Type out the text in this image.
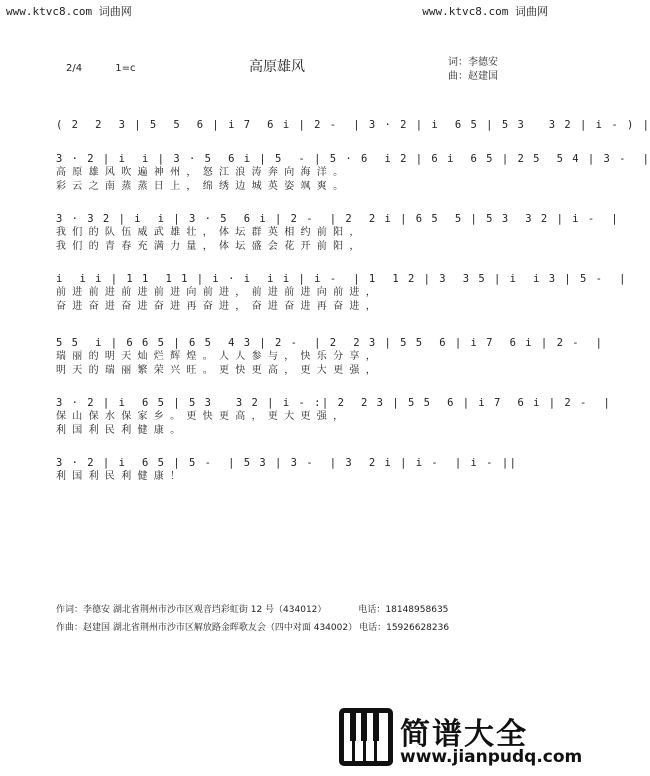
www.ktvc8.com 词曲网	www.ktvc8.com 词曲网
高原雄风
2/4	1=c
词：李德安
曲：赵建国
( 2  2  3 | 5  5  6 | i 7  6 i | 2 -  | 3 · 2 | i  6 5 | 5 3   3 2 | i - ) |
3 · 2 | i  i | 3 · 5  6 i | 5  - | 5 · 6  i 2 | 6 i  6 5 | 2 5  5 4 | 3 -  |
高原雄风吹遍神州，怒江浪涛奔向海洋。
彩云之南蒸蒸日上，绵绣边城英姿飒爽。
3 · 3 2 | i  i | 3 · 5  6 i | 2 -  | 2  2 i | 6 5  5 | 5 3  3 2 | i -  |
我们的队伍威武雄壮，体坛群英相约前阳，
我们的青春充满力量，体坛盛会花开前阳，
i  i i | 1 1  1 1 | i · i  i i | i -  | 1  1 2 | 3  3 5 | i  i 3 | 5 -  |
前进前进前进前进向前进，前进前进向前进，
奋进奋进奋进奋进再奋进，奋进奋进再奋进，
5 5  i | 6 6 5 | 6 5  4 3 | 2 -  | 2  2 3 | 5 5  6 | i 7  6 i | 2 -  |
瑞丽的明天灿烂辉煌。人人参与，快乐分享，
明天的瑞丽繁荣兴旺。更快更高，更大更强，
3 · 2 | i  6 5 | 5 3   3 2 | i - :| 2  2 3 | 5 5  6 | i 7  6 i | 2 -  |
保山保水保家乡。更快更高，更大更强，
利国利民利健康。
3 · 2 | i  6 5 | 5 -  | 5 3 | 3 -  | 3  2 i | i -  | i - ||
利国利民利健康！
作词：李德安 湖北省荆州市沙市区观音垱彩虹街 12 号（434012）	电话：18148958635
作曲：赵建国 湖北省荆州市沙市区解放路金晖歌友会（四中对面 434002） 电话：15926628236
简谱大全
www.jianpudq.com
